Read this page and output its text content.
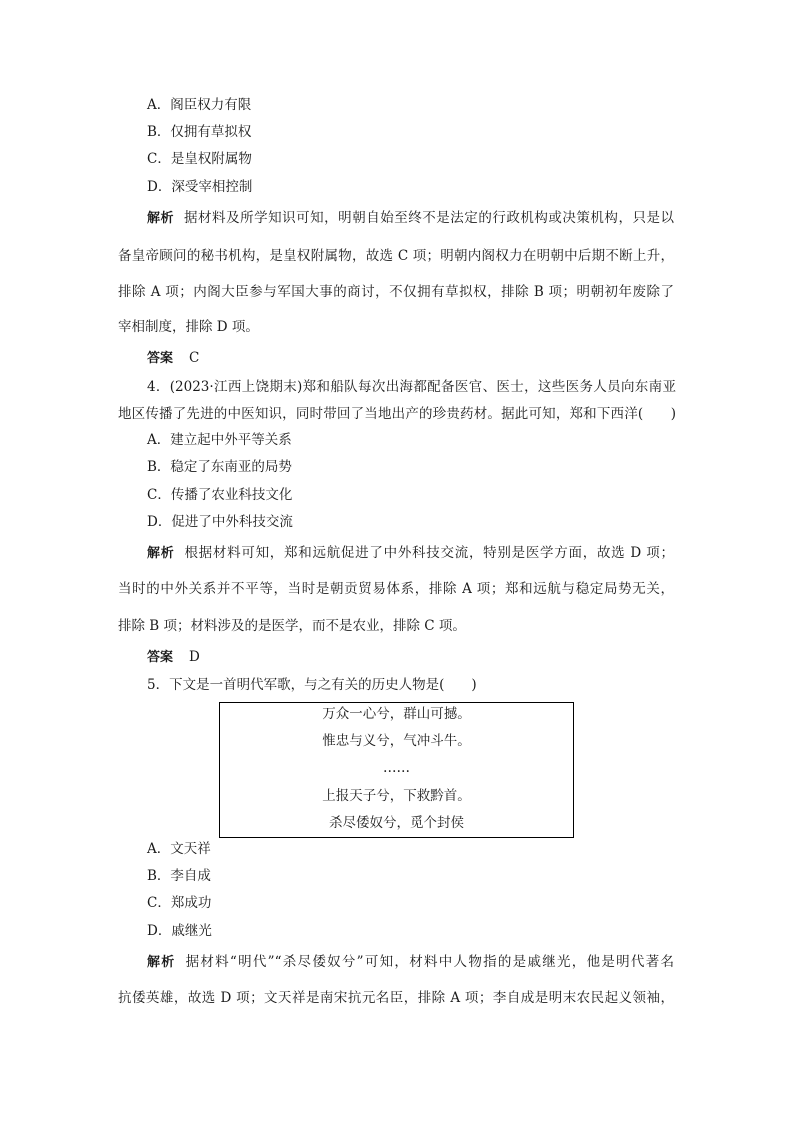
A．阁臣权力有限
B．仅拥有草拟权
C．是皇权附属物
D．深受宰相控制
解析 据材料及所学知识可知，明朝自始至终不是法定的行政机构或决策机构，只是以
备皇帝顾问的秘书机构，是皇权附属物，故选 C 项；明朝内阁权力在明朝中后期不断上升，
排除 A 项；内阁大臣参与军国大事的商讨，不仅拥有草拟权，排除 B 项；明朝初年废除了
宰相制度，排除 D 项。
答案 C
4．(2023·江西上饶期末)郑和船队每次出海都配备医官、医士，这些医务人员向东南亚
地区传播了先进的中医知识，同时带回了当地出产的珍贵药材。据此可知，郑和下西洋(　　)
A．建立起中外平等关系
B．稳定了东南亚的局势
C．传播了农业科技文化
D．促进了中外科技交流
解析 根据材料可知，郑和远航促进了中外科技交流，特别是医学方面，故选 D 项；
当时的中外关系并不平等，当时是朝贡贸易体系，排除 A 项；郑和远航与稳定局势无关，
排除 B 项；材料涉及的是医学，而不是农业，排除 C 项。
答案 D
5．下文是一首明代军歌，与之有关的历史人物是(　　)
万众一心兮，群山可撼。
惟忠与义兮，气冲斗牛。
……
上报天子兮，下救黔首。
杀尽倭奴兮，觅个封侯
A．文天祥
B．李自成
C．郑成功
D．戚继光
解析 据材料“明代”“杀尽倭奴兮”可知，材料中人物指的是戚继光，他是明代著名
抗倭英雄，故选 D 项；文天祥是南宋抗元名臣，排除 A 项；李自成是明末农民起义领袖，
